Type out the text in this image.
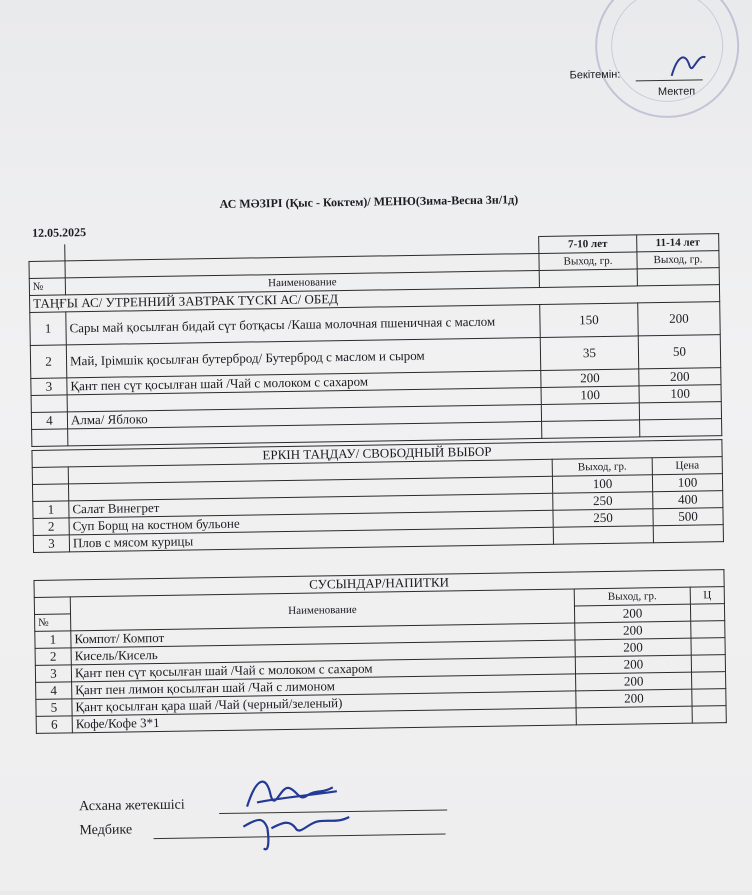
Бекітемін:
Мектеп
АС МӘЗІРІ (Қыс - Коктем)/ МЕНЮ(Зима-Весна 3н/1д)
12.05.2025
		7-10 лет	11-14 лет
		Выход, гр.	Выход, гр.
№	Наименование		
ТАҢҒЫ АС/ УТРЕННИЙ ЗАВТРАК ТҮСКІ АС/ ОБЕД			
1	Сары май қосылған бидай сүт ботқасы /Каша молочная пшеничная с маслом	150	200

2	Май, Ірімшік қосылған бутерброд/ Бутерброд с маслом и сыром	35	50

3	Қант пен сүт қосылған шай /Чай с молоком с сахаром	200	200
		100	100
4	Алма/ Яблоко		

ЕРКІН ТАҢДАУ/ СВОБОДНЫЙ ВЫБОР			
		Выход, гр.	Цена
		100	100
1	Салат Винегрет	250	400
2	Суп Борщ на костном бульоне	250	500
3	Плов с мясом курицы		
СУСЫНДАР/НАПИТКИ			
	Наименование	Выход, гр.	Ц
№		200	
1	Компот/ Компот	200	
2	Кисель/Кисель	200	
3	Қант пен сүт қосылған шай /Чай с молоком с сахаром	200	
4	Қант пен лимон қосылған шай /Чай с лимоном	200	
5	Қант қосылған қара шай /Чай (черный/зеленый)	200	
6	Кофе/Кофе 3*1		
Асхана жетекшісі
Медбике
